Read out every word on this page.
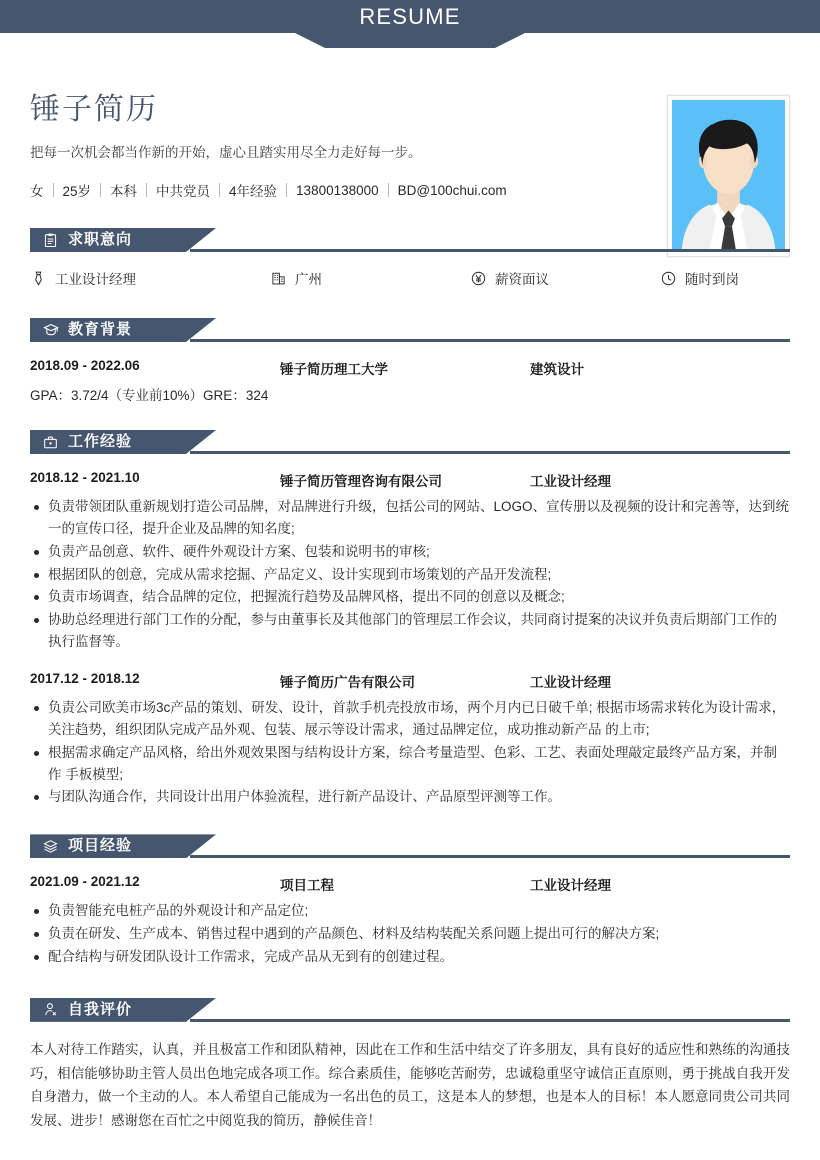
RESUME
锤子简历
把每一次机会都当作新的开始，虚心且踏实用尽全力走好每一步。
女	25岁	本科	中共党员	4年经验	13800138000	BD@100chui.com
求职意向
工业设计经理	广州	薪资面议	随时到岗
教育背景
2018.09 - 2022.06	锤子简历理工大学	建筑设计
GPA：3.72/4（专业前10%）GRE：324
工作经验
2018.12 - 2021.10	锤子简历管理咨询有限公司	工业设计经理
负责带领团队重新规划打造公司品牌，对品牌进行升级，包括公司的网站、LOGO、宣传册以及视频的设计和完善等，达到统一的宣传口径，提升企业及品牌的知名度;
负责产品创意、软件、硬件外观设计方案、包装和说明书的审核;
根据团队的创意，完成从需求挖掘、产品定义、设计实现到市场策划的产品开发流程;
负责市场调查，结合品牌的定位，把握流行趋势及品牌风格，提出不同的创意以及概念;
协助总经理进行部门工作的分配，参与由董事长及其他部门的管理层工作会议，共同商讨提案的决议并负责后期部门工作的执行监督等。
2017.12 - 2018.12	锤子简历广告有限公司	工业设计经理
负责公司欧美市场3c产品的策划、研发、设计，首款手机壳投放市场，两个月内已日破千单; 根据市场需求转化为设计需求，关注趋势，组织团队完成产品外观、包装、展示等设计需求，通过品牌定位，成功推动新产品 的上市;
根据需求确定产品风格，给出外观效果图与结构设计方案，综合考量造型、色彩、工艺、表面处理敲定最终产品方案，并制作 手板模型;
与团队沟通合作，共同设计出用户体验流程，进行新产品设计、产品原型评测等工作。
项目经验
2021.09 - 2021.12	项目工程	工业设计经理
负责智能充电桩产品的外观设计和产品定位;
负责在研发、生产成本、销售过程中遇到的产品颜色、材料及结构装配关系问题上提出可行的解决方案;
配合结构与研发团队设计工作需求，完成产品从无到有的创建过程。
自我评价
本人对待工作踏实，认真，并且极富工作和团队精神，因此在工作和生活中结交了许多朋友，具有良好的适应性和熟练的沟通技巧，相信能够协助主管人员出色地完成各项工作。综合素质佳，能够吃苦耐劳，忠诚稳重坚守诚信正直原则，勇于挑战自我开发自身潜力，做一个主动的人。本人希望自己能成为一名出色的员工，这是本人的梦想，也是本人的目标！本人愿意同贵公司共同发展、进步！感谢您在百忙之中阅览我的简历，静候佳音！
